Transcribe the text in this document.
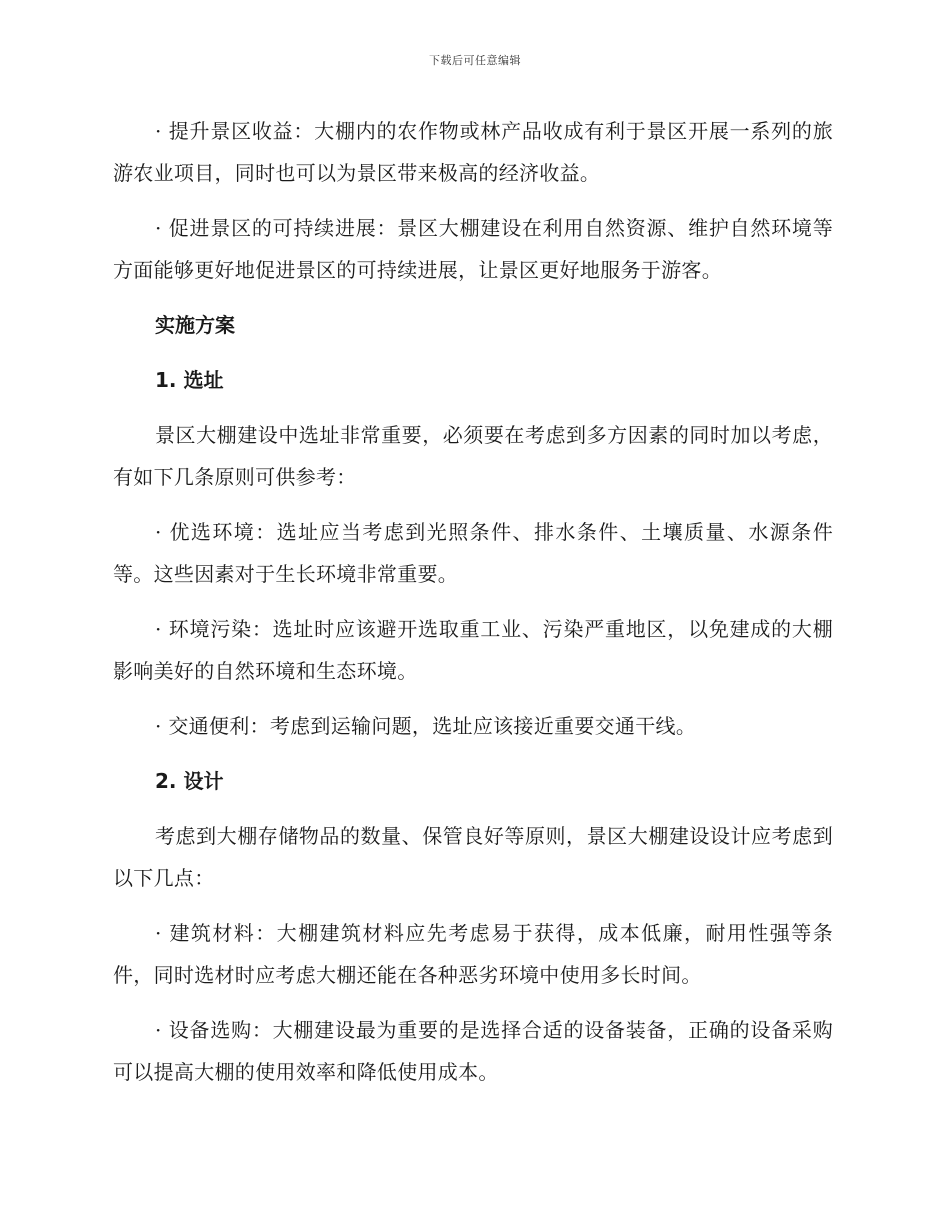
下载后可任意编辑

· 提升景区收益：大棚内的农作物或林产品收成有利于景区开展一系列的旅游农业项目，同时也可以为景区带来极高的经济收益。

· 促进景区的可持续进展：景区大棚建设在利用自然资源、维护自然环境等方面能够更好地促进景区的可持续进展，让景区更好地服务于游客。

实施方案
1. 选址

景区大棚建设中选址非常重要，必须要在考虑到多方因素的同时加以考虑，有如下几条原则可供参考：

· 优选环境：选址应当考虑到光照条件、排水条件、土壤质量、水源条件等。这些因素对于生长环境非常重要。

· 环境污染：选址时应该避开选取重工业、污染严重地区，以免建成的大棚影响美好的自然环境和生态环境。

· 交通便利：考虑到运输问题，选址应该接近重要交通干线。

2. 设计

考虑到大棚存储物品的数量、保管良好等原则，景区大棚建设设计应考虑到以下几点：

· 建筑材料：大棚建筑材料应先考虑易于获得，成本低廉，耐用性强等条件，同时选材时应考虑大棚还能在各种恶劣环境中使用多长时间。

· 设备选购：大棚建设最为重要的是选择合适的设备装备，正确的设备采购可以提高大棚的使用效率和降低使用成本。
